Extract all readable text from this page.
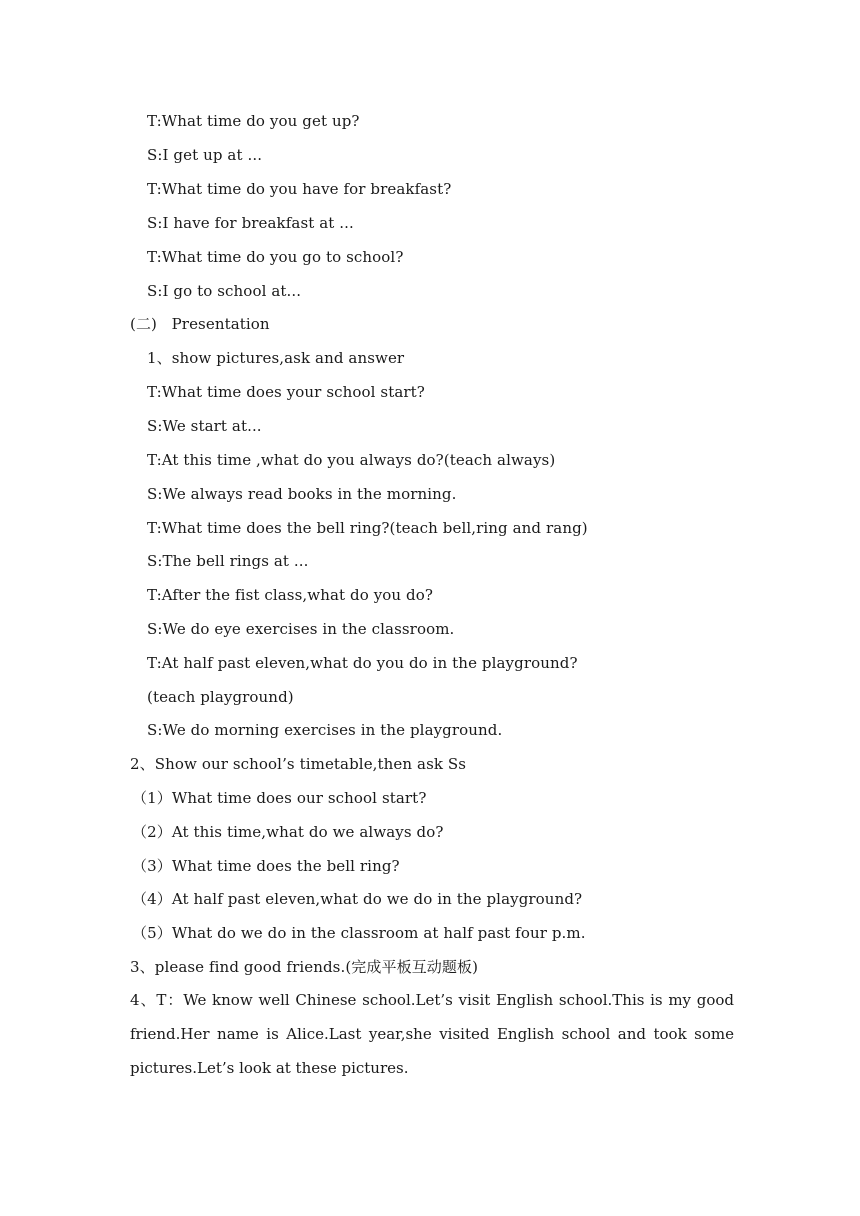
T:What time do you get up?
S:I get up at ...
T:What time do you have for breakfast?
S:I have for breakfast at ...
T:What time do you go to school?
S:I go to school at...
(二)   Presentation
1、show pictures,ask and answer
T:What time does your school start?
S:We start at...
T:At this time ,what do you always do?(teach always)
S:We always read books in the morning.
T:What time does the bell ring?(teach bell,ring and rang)
S:The bell rings at ...
T:After the fist class,what do you do?
S:We do eye exercises in the classroom.
T:At half past eleven,what do you do in the playground?
(teach playground)
S:We do morning exercises in the playground.
2、Show our school’s timetable,then ask Ss
（1）What time does our school start?
（2）At this time,what do we always do?
（3）What time does the bell ring?
（4）At half past eleven,what do we do in the playground?
（5）What do we do in the classroom at half past four p.m.
3、please find good friends.(完成平板互动题板)
4、T：We know well Chinese school.Let’s visit English school.This is my good friend.Her name is Alice.Last year,she visited English school and took some pictures.Let’s look at these pictures.
